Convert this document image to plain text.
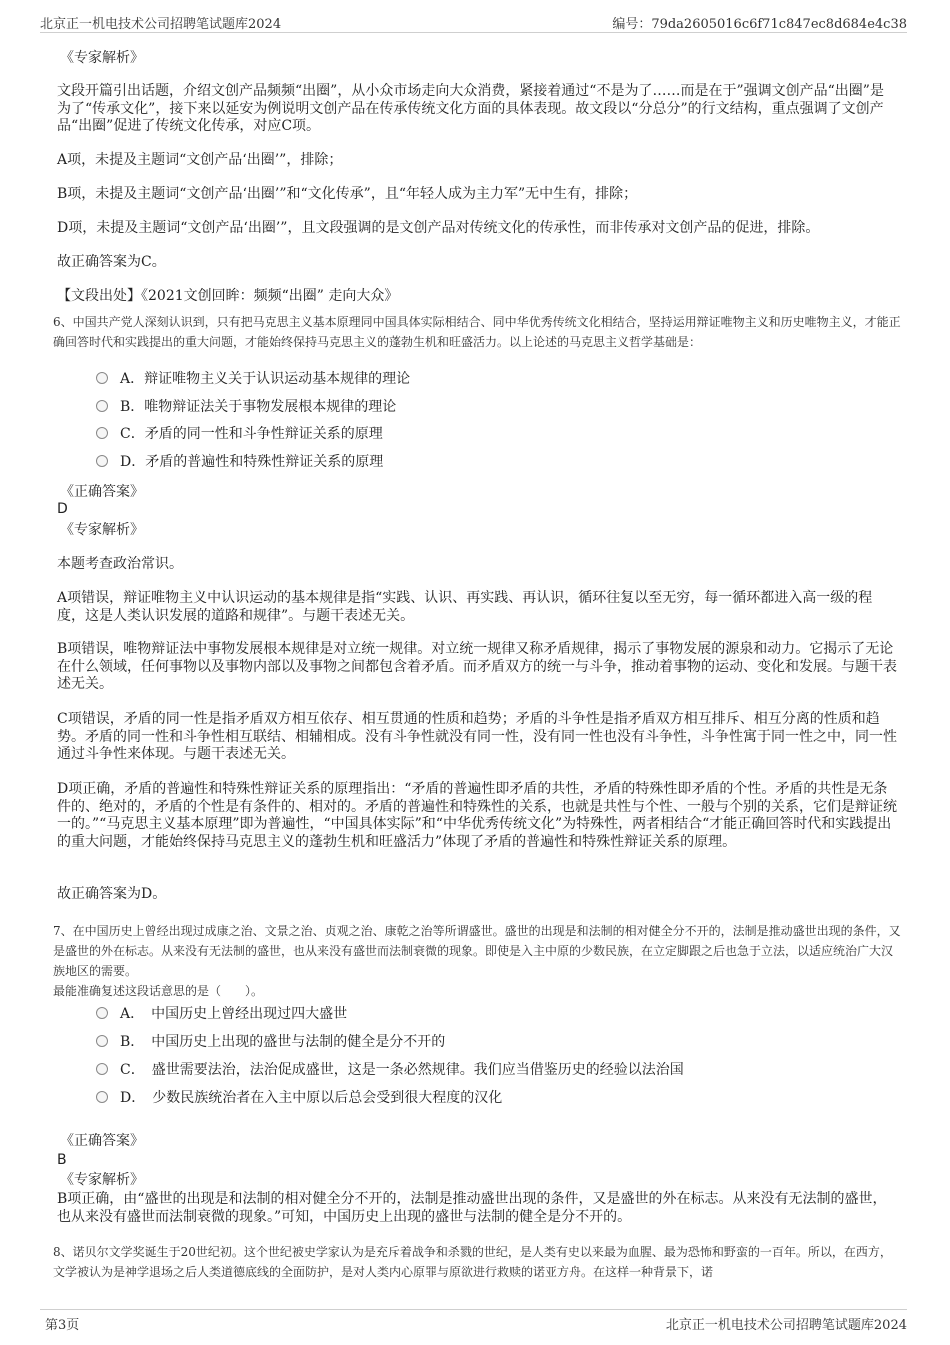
北京正一机电技术公司招聘笔试题库2024	编号：79da2605016c6f71c847ec8d684e4c38
《专家解析》
文段开篇引出话题，介绍文创产品频频“出圈”，从小众市场走向大众消费，紧接着通过“不是为了……而是在于”强调文创产品“出圈”是为了“传承文化”，接下来以延安为例说明文创产品在传承传统文化方面的具体表现。故文段以“分总分”的行文结构，重点强调了文创产品“出圈”促进了传统文化传承，对应C项。
A项，未提及主题词“文创产品‘出圈’”，排除；
B项，未提及主题词“文创产品‘出圈’”和“文化传承”，且“年轻人成为主力军”无中生有，排除；
D项，未提及主题词“文创产品‘出圈’”，且文段强调的是文创产品对传统文化的传承性，而非传承对文创产品的促进，排除。
故正确答案为C。
【文段出处】《2021文创回眸：频频“出圈” 走向大众》
6、中国共产党人深刻认识到，只有把马克思主义基本原理同中国具体实际相结合、同中华优秀传统文化相结合，坚持运用辩证唯物主义和历史唯物主义，才能正确回答时代和实践提出的重大问题，才能始终保持马克思主义的蓬勃生机和旺盛活力。以上论述的马克思主义哲学基础是：
A．辩证唯物主义关于认识运动基本规律的理论
B．唯物辩证法关于事物发展根本规律的理论
C．矛盾的同一性和斗争性辩证关系的原理
D．矛盾的普遍性和特殊性辩证关系的原理
《正确答案》
D
《专家解析》
本题考查政治常识。
A项错误，辩证唯物主义中认识运动的基本规律是指“实践、认识、再实践、再认识，循环往复以至无穷，每一循环都进入高一级的程度，这是人类认识发展的道路和规律”。与题干表述无关。
B项错误，唯物辩证法中事物发展根本规律是对立统一规律。对立统一规律又称矛盾规律，揭示了事物发展的源泉和动力。它揭示了无论在什么领域，任何事物以及事物内部以及事物之间都包含着矛盾。而矛盾双方的统一与斗争，推动着事物的运动、变化和发展。与题干表述无关。
C项错误，矛盾的同一性是指矛盾双方相互依存、相互贯通的性质和趋势；矛盾的斗争性是指矛盾双方相互排斥、相互分离的性质和趋势。矛盾的同一性和斗争性相互联结、相辅相成。没有斗争性就没有同一性，没有同一性也没有斗争性，斗争性寓于同一性之中，同一性通过斗争性来体现。与题干表述无关。
D项正确，矛盾的普遍性和特殊性辩证关系的原理指出：“矛盾的普遍性即矛盾的共性，矛盾的特殊性即矛盾的个性。矛盾的共性是无条件的、绝对的，矛盾的个性是有条件的、相对的。矛盾的普遍性和特殊性的关系，也就是共性与个性、一般与个别的关系，它们是辩证统一的。”“马克思主义基本原理”即为普遍性，“中国具体实际”和“中华优秀传统文化”为特殊性，两者相结合“才能正确回答时代和实践提出的重大问题，才能始终保持马克思主义的蓬勃生机和旺盛活力”体现了矛盾的普遍性和特殊性辩证关系的原理。
故正确答案为D。
7、在中国历史上曾经出现过成康之治、文景之治、贞观之治、康乾之治等所谓盛世。盛世的出现是和法制的相对健全分不开的，法制是推动盛世出现的条件，又是盛世的外在标志。从来没有无法制的盛世，也从来没有盛世而法制衰微的现象。即使是入主中原的少数民族，在立定脚跟之后也急于立法，以适应统治广大汉族地区的需要。
最能准确复述这段话意思的是（　　）。
A．　中国历史上曾经出现过四大盛世
B．　中国历史上出现的盛世与法制的健全是分不开的
C．　盛世需要法治，法治促成盛世，这是一条必然规律。我们应当借鉴历史的经验以法治国
D．　少数民族统治者在入主中原以后总会受到很大程度的汉化
《正确答案》
B
《专家解析》
B项正确，由“盛世的出现是和法制的相对健全分不开的，法制是推动盛世出现的条件，又是盛世的外在标志。从来没有无法制的盛世，也从来没有盛世而法制衰微的现象。”可知，中国历史上出现的盛世与法制的健全是分不开的。
8、诺贝尔文学奖诞生于20世纪初。这个世纪被史学家认为是充斥着战争和杀戮的世纪，是人类有史以来最为血腥、最为恐怖和野蛮的一百年。所以，在西方，文学被认为是神学退场之后人类道德底线的全面防护，是对人类内心原罪与原欲进行救赎的诺亚方舟。在这样一种背景下，诺
第3页	北京正一机电技术公司招聘笔试题库2024
